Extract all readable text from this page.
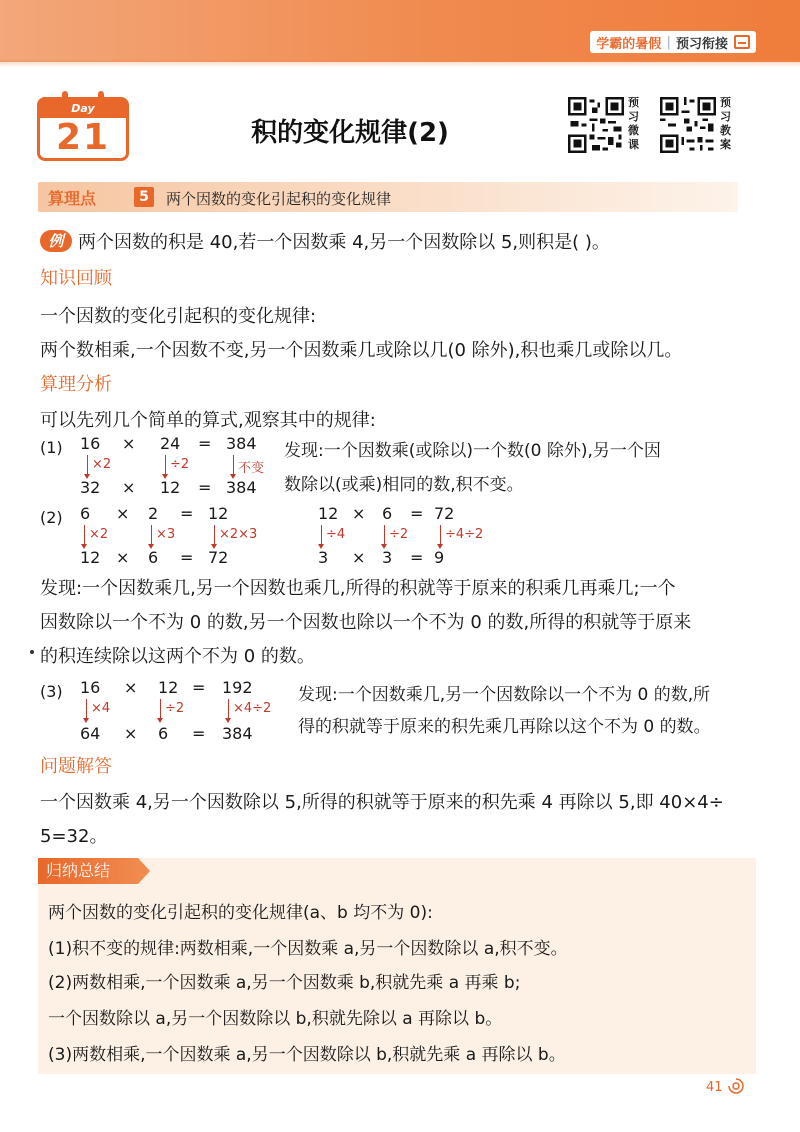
学霸的暑假 | 预习衔接
Day
21	积的变化规律(2)
预习微课
预习教案
算理点	5	两个因数的变化引起积的变化规律
例 两个因数的积是 40,若一个因数乘 4,另一个因数除以 5,则积是( )。
知识回顾
一个因数的变化引起积的变化规律:
两个数相乘,一个因数不变,另一个因数乘几或除以几(0 除外),积也乘几或除以几。
算理分析
可以先列几个简单的算式,观察其中的规律:
(1) 16 × 24 = 384
×2	÷2	不变
32 × 12 = 384
发现:一个因数乘(或除以)一个数(0 除外),另一个因
数除以(或乘)相同的数,积不变。
(2) 6 × 2 = 12
×2	×3	×2×3
12 × 6 = 72
12 × 6 = 72
÷4	÷2	÷4÷2
3 × 3 = 9
发现:一个因数乘几,另一个因数也乘几,所得的积就等于原来的积乘几再乘几;一个
因数除以一个不为 0 的数,另一个因数也除以一个不为 0 的数,所得的积就等于原来
的积连续除以这两个不为 0 的数。
(3) 16 × 12 = 192
×4	÷2	×4÷2
64 × 6 = 384
发现:一个因数乘几,另一个因数除以一个不为 0 的数,所
得的积就等于原来的积先乘几再除以这个不为 0 的数。
问题解答
一个因数乘 4,另一个因数除以 5,所得的积就等于原来的积先乘 4 再除以 5,即 40×4÷
5=32。
归纳总结
两个因数的变化引起积的变化规律(a、b 均不为 0):
(1)积不变的规律:两数相乘,一个因数乘 a,另一个因数除以 a,积不变。
(2)两数相乘,一个因数乘 a,另一个因数乘 b,积就先乘 a 再乘 b;
一个因数除以 a,另一个因数除以 b,积就先除以 a 再除以 b。
(3)两数相乘,一个因数乘 a,另一个因数除以 b,积就先乘 a 再除以 b。
41
